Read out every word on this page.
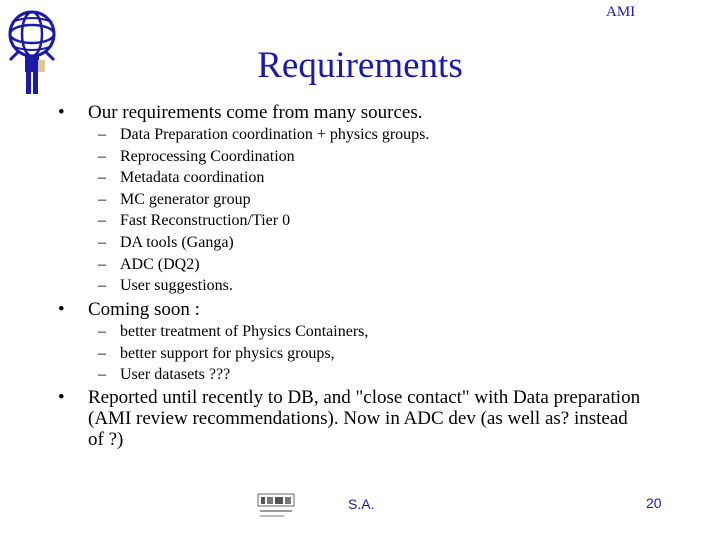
AMI
Requirements
• Our requirements come from many sources.
– Data Preparation coordination + physics groups.
– Reprocessing Coordination
– Metadata coordination
– MC generator group
– Fast Reconstruction/Tier 0
– DA tools (Ganga)
– ADC (DQ2)
– User suggestions.
• Coming soon :
– better treatment of Physics Containers,
– better support for physics groups,
– User datasets ???
• Reported until recently to DB, and "close contact" with Data preparation (AMI review recommendations). Now in ADC dev (as well as? instead of ?)
S.A.	20
